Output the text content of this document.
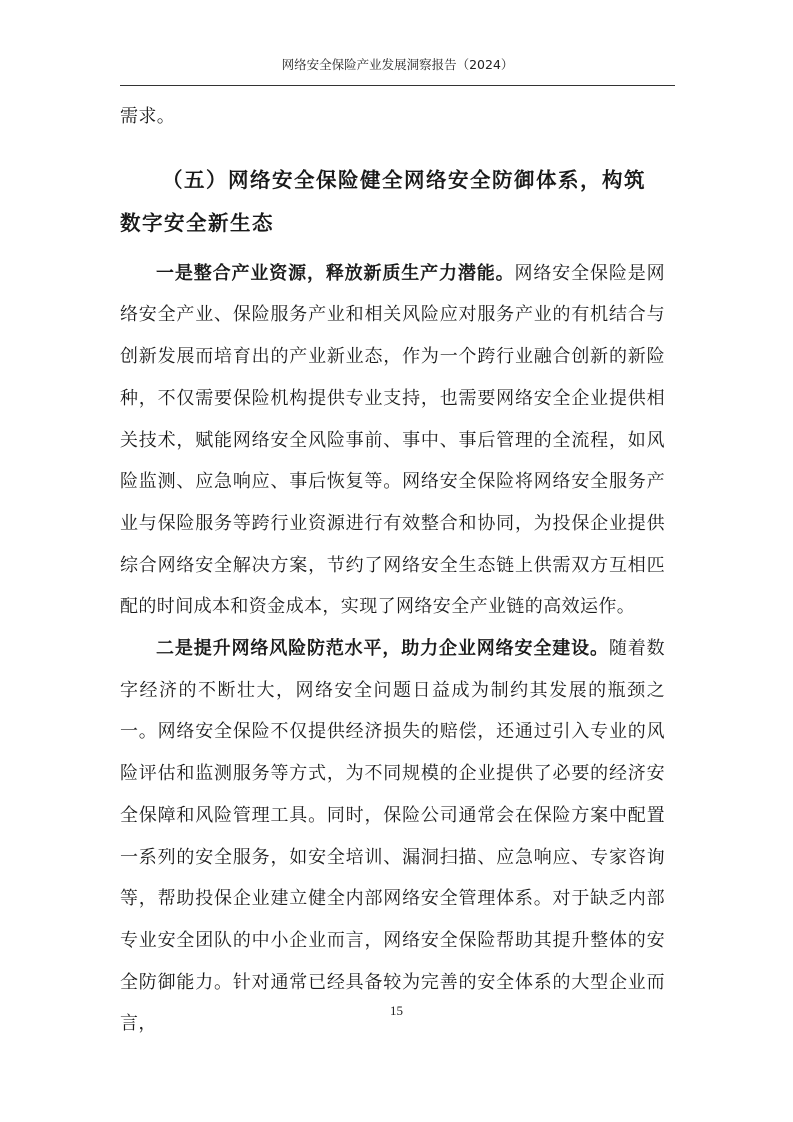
网络安全保险产业发展洞察报告（2024）

需求。

（五）网络安全保险健全网络安全防御体系，构筑数字安全新生态

一是整合产业资源，释放新质生产力潜能。网络安全保险是网络安全产业、保险服务产业和相关风险应对服务产业的有机结合与创新发展而培育出的产业新业态，作为一个跨行业融合创新的新险种，不仅需要保险机构提供专业支持，也需要网络安全企业提供相关技术，赋能网络安全风险事前、事中、事后管理的全流程，如风险监测、应急响应、事后恢复等。网络安全保险将网络安全服务产业与保险服务等跨行业资源进行有效整合和协同，为投保企业提供综合网络安全解决方案，节约了网络安全生态链上供需双方互相匹配的时间成本和资金成本，实现了网络安全产业链的高效运作。

二是提升网络风险防范水平，助力企业网络安全建设。随着数字经济的不断壮大，网络安全问题日益成为制约其发展的瓶颈之一。网络安全保险不仅提供经济损失的赔偿，还通过引入专业的风险评估和监测服务等方式，为不同规模的企业提供了必要的经济安全保障和风险管理工具。同时，保险公司通常会在保险方案中配置一系列的安全服务，如安全培训、漏洞扫描、应急响应、专家咨询等，帮助投保企业建立健全内部网络安全管理体系。对于缺乏内部专业安全团队的中小企业而言，网络安全保险帮助其提升整体的安全防御能力。针对通常已经具备较为完善的安全体系的大型企业而言，

15
